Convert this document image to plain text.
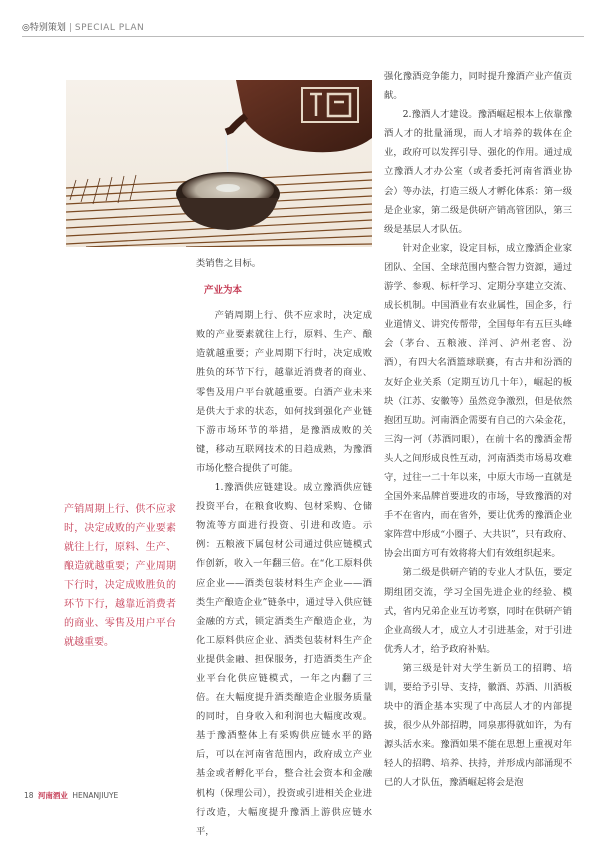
◎特别策划 | SPECIAL PLAN
产销周期上行、供不应求时，决定成败的产业要素就往上行，原料、生产、酿造就越重要；产业周期下行时，决定成败胜负的环节下行，越靠近消费者的商业、零售及用户平台就越重要。

类销售之目标。

产业为本

产销周期上行、供不应求时，决定成败的产业要素就往上行，原料、生产、酿造就越重要；产业周期下行时，决定成败胜负的环节下行，越靠近消费者的商业、零售及用户平台就越重要。白酒产业未来是供大于求的状态，如何找到强化产业链下游市场环节的举措，是豫酒成败的关键，移动互联网技术的日趋成熟，为豫酒市场化整合提供了可能。

1.豫酒供应链建设。成立豫酒供应链投资平台，在粮食收购、包材采购、仓储物流等方面进行投资、引进和改造。示例：五粮液下属包材公司通过供应链模式作创新，收入一年翻三倍。在“化工原料供应企业——酒类包装材料生产企业——酒类生产酿造企业”链条中，通过导入供应链金融的方式，锁定酒类生产酿造企业，为化工原料供应企业、酒类包装材料生产企业提供金融、担保服务，打造酒类生产企业平台化供应链模式，一年之内翻了三倍。在大幅度提升酒类酿造企业服务质量的同时，自身收入和利润也大幅度改观。基于豫酒整体上有采购供应链水平的路后，可以在河南省范围内，政府成立产业基金或者孵化平台，整合社会资本和金融机构（保理公司），投资或引进相关企业进行改造，大幅度提升豫酒上游供应链水平，

强化豫酒竞争能力，同时提升豫酒产业产值贡献。

2.豫酒人才建设。豫酒崛起根本上依靠豫酒人才的批量涌现，而人才培养的载体在企业，政府可以发挥引导、强化的作用。通过成立豫酒人才办公室（或者委托河南省酒业协会）等办法，打造三级人才孵化体系：第一级是企业家，第二级是供研产销高管团队，第三级是基层人才队伍。

针对企业家，设定目标，成立豫酒企业家团队、全国、全球范围内整合智力资源，通过游学、参观、标杆学习、定期分享建立交流、成长机制。中国酒业有农业属性，国企多，行业道情义、讲究传帮带，全国每年有五巨头峰会（茅台、五粮液、洋河、泸州老窖、汾酒），有四大名酒篮球联赛，有古井和汾酒的友好企业关系（定期互访几十年），崛起的板块（江苏、安徽等）虽然竞争激烈，但是依然抱团互助。河南酒企需要有自己的六朵金花，三沟一河（苏酒同眼），在前十名的豫酒金帮头人之间形成良性互动，河南酒类市场易攻难守，过往一二十年以来，中原大市场一直就是全国外来品牌首要进攻的市场，导致豫酒的对手不在省内，而在省外，要让优秀的豫酒企业家阵营中形成“小圈子、大共识”，只有政府、协会出面方可有效将将大们有效组织起来。

第二级是供研产销的专业人才队伍，要定期组团交流，学习全国先进企业的经验、模式，省内兄弟企业互访考察，同时在供研产销企业高级人才，成立人才引进基金，对于引进优秀人才，给予政府补贴。

第三级是针对大学生新员工的招聘、培训，要给予引导、支持，徽酒、苏酒、川酒板块中的酒企基本实现了中高层人才的内部提拔，很少从外部招聘，同泉那得就如许，为有源头活水来。豫酒如果不能在思想上重视对年轻人的招聘、培养、扶持，并形成内部涌现不已的人才队伍，豫酒崛起将会是泡

18 河南酒业 HENANJIUYE
